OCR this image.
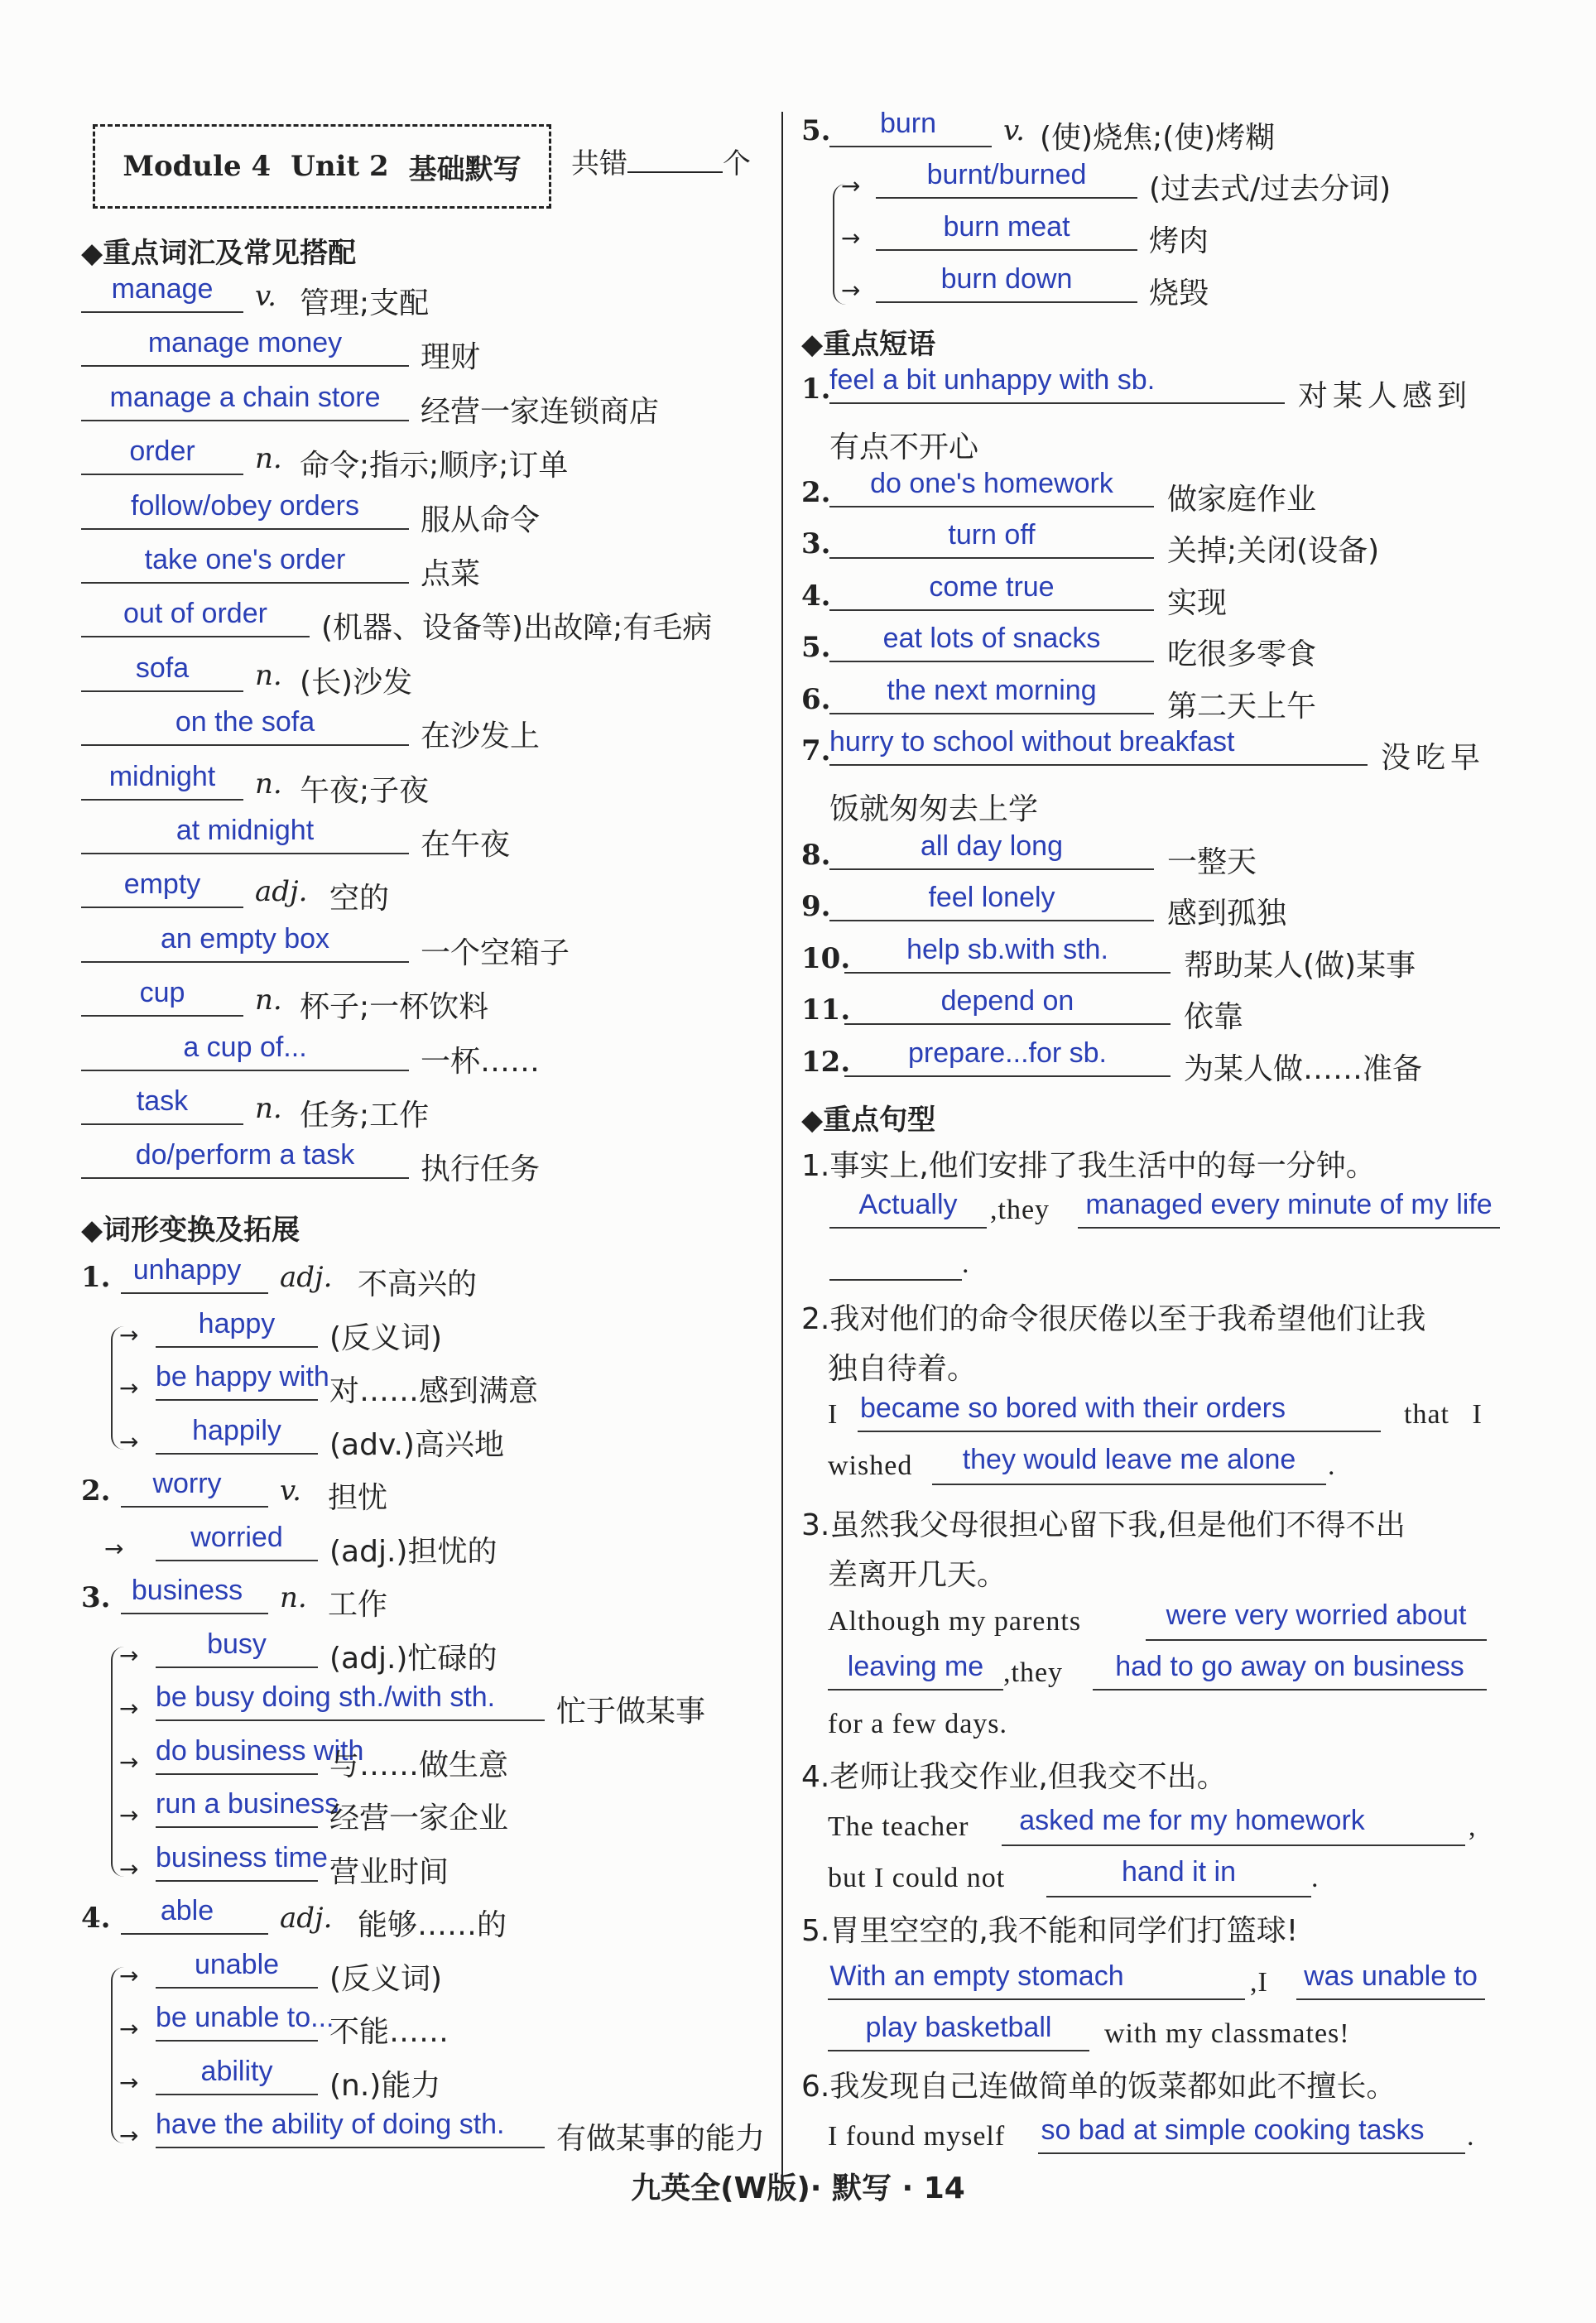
Module 4 Unit 2 基础默写 共错	个
◆重点词汇及常见搭配
manage	v. 管理;支配
manage money	理财
manage a chain store	经营一家连锁商店
order	n. 命令;指示;顺序;订单
follow/obey orders	服从命令
take one's order	点菜
out of order	(机器、设备等)出故障;有毛病
sofa	n. (长)沙发
on the sofa	在沙发上
midnight	n. 午夜;子夜
at midnight	在午夜
empty	adj. 空的
an empty box	一个空箱子
cup	n. 杯子;一杯饮料
a cup of...	一杯……
task	n. 任务;工作
do/perform a task	执行任务
◆词形变换及拓展
1. unhappy	adj. 不高兴的
→	happy	(反义词)
→ be happy with 对……感到满意
→	happily	(adv.)高兴地
2.	worry	v. 担忧
→	worried	(adj.)担忧的
3. business	n. 工作
→	busy	(adj.)忙碌的
→ be busy doing sth./with sth.	忙于做某事
→ do business with
与……做生意
→ run a business
经营一家企业
→ business time 营业时间
4.	able	adj. 能够……的
→	unable	(反义词)
→ be unable to...
不能……
→	ability	(n.)能力
→ have the ability of doing sth.	有做某事的能力
5.	burn	v. (使)烧焦;(使)烤糊
→	burnt/burned	(过去式/过去分词)
→	burn meat	烤肉
→	burn down	烧毁
◆重点短语
1.
feel a bit unhappy with sb.	对某人感到
有点不开心
2.	do one's homework	做家庭作业
3.	turn off	关掉;关闭(设备)
4.	come true	实现
5.	eat lots of snacks	吃很多零食
6.	the next morning	第二天上午
7.
hurry to school without breakfast	没吃早
饭就匆匆去上学
8.	all day long	一整天
9.	feel lonely	感到孤独
10.	help sb.with sth.	帮助某人(做)某事
11.	depend on	依靠
12.	prepare...for sb.	为某人做……准备
◆重点句型
1.事实上,他们安排了我生活中的每一分钟。
Actually	,they managed every minute of my life
.
2.我对他们的命令很厌倦以至于我希望他们让我
独自待着。
I became so bored with their orders	that I
wished	they would leave me alone	.
3.虽然我父母很担心留下我,但是他们不得不出
差离开几天。
Although my parents	were very worried about
leaving me ,they	had to go away on business
for a few days.
4.老师让我交作业,但我交不出。
The teacher	asked me for my homework	,
but I could not	hand it in	.
5.胃里空空的,我不能和同学们打篮球!
With an empty stomach	,I was unable to
play basketball	with my classmates!
6.我发现自己连做简单的饭菜都如此不擅长。
I found myself so bad at simple cooking tasks .
九英全(W版)· 默写 · 14
